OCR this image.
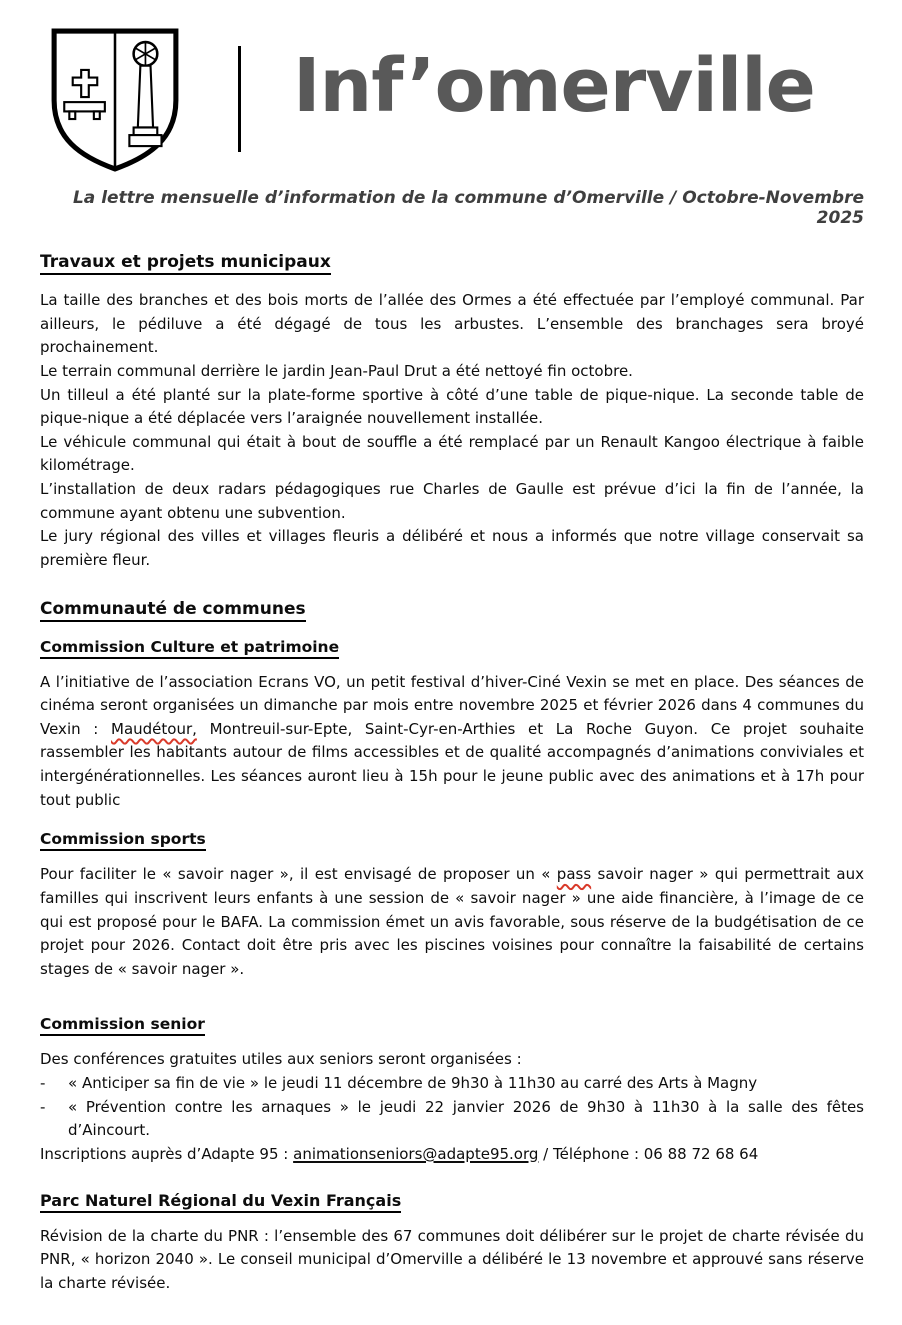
Inf’omerville
La lettre mensuelle d’information de la commune d’Omerville / Octobre-Novembre 2025
Travaux et projets municipaux

La taille des branches et des bois morts de l’allée des Ormes a été effectuée par l’employé communal. Par ailleurs, le pédiluve a été dégagé de tous les arbustes. L’ensemble des branchages sera broyé prochainement.

Le terrain communal derrière le jardin Jean-Paul Drut a été nettoyé fin octobre.

Un tilleul a été planté sur la plate-forme sportive à côté d’une table de pique-nique. La seconde table de pique-nique a été déplacée vers l’araignée nouvellement installée.

Le véhicule communal qui était à bout de souffle a été remplacé par un Renault Kangoo électrique à faible kilométrage.

L’installation de deux radars pédagogiques rue Charles de Gaulle est prévue d’ici la fin de l’année, la commune ayant obtenu une subvention.

Le jury régional des villes et villages fleuris a délibéré et nous a informés que notre village conservait sa première fleur.

Communauté de communes
Commission Culture et patrimoine

A l’initiative de l’association Ecrans VO, un petit festival d’hiver-Ciné Vexin se met en place. Des séances de cinéma seront organisées un dimanche par mois entre novembre 2025 et février 2026 dans 4 communes du Vexin : Maudétour, Montreuil-sur-Epte, Saint-Cyr-en-Arthies et La Roche Guyon. Ce projet souhaite rassembler les habitants autour de films accessibles et de qualité accompagnés d’animations conviviales et intergénérationnelles. Les séances auront lieu à 15h pour le jeune public avec des animations et à 17h pour tout public

Commission sports

Pour faciliter le « savoir nager », il est envisagé de proposer un « pass savoir nager » qui permettrait aux familles qui inscrivent leurs enfants à une session de « savoir nager » une aide financière, à l’image de ce qui est proposé pour le BAFA. La commission émet un avis favorable, sous réserve de la budgétisation de ce projet pour 2026. Contact doit être pris avec les piscines voisines pour connaître la faisabilité de certains stages de « savoir nager ».

Commission senior

Des conférences gratuites utiles aux seniors seront organisées :

-	« Anticiper sa fin de vie » le jeudi 11 décembre de 9h30 à 11h30 au carré des Arts à Magny
-	« Prévention contre les arnaques » le jeudi 22 janvier 2026 de 9h30 à 11h30 à la salle des fêtes d’Aincourt.

Inscriptions auprès d’Adapte 95 : animationseniors@adapte95.org / Téléphone : 06 88 72 68 64

Parc Naturel Régional du Vexin Français

Révision de la charte du PNR : l’ensemble des 67 communes doit délibérer sur le projet de charte révisée du PNR, « horizon 2040 ». Le conseil municipal d’Omerville a délibéré le 13 novembre et approuvé sans réserve la charte révisée.
